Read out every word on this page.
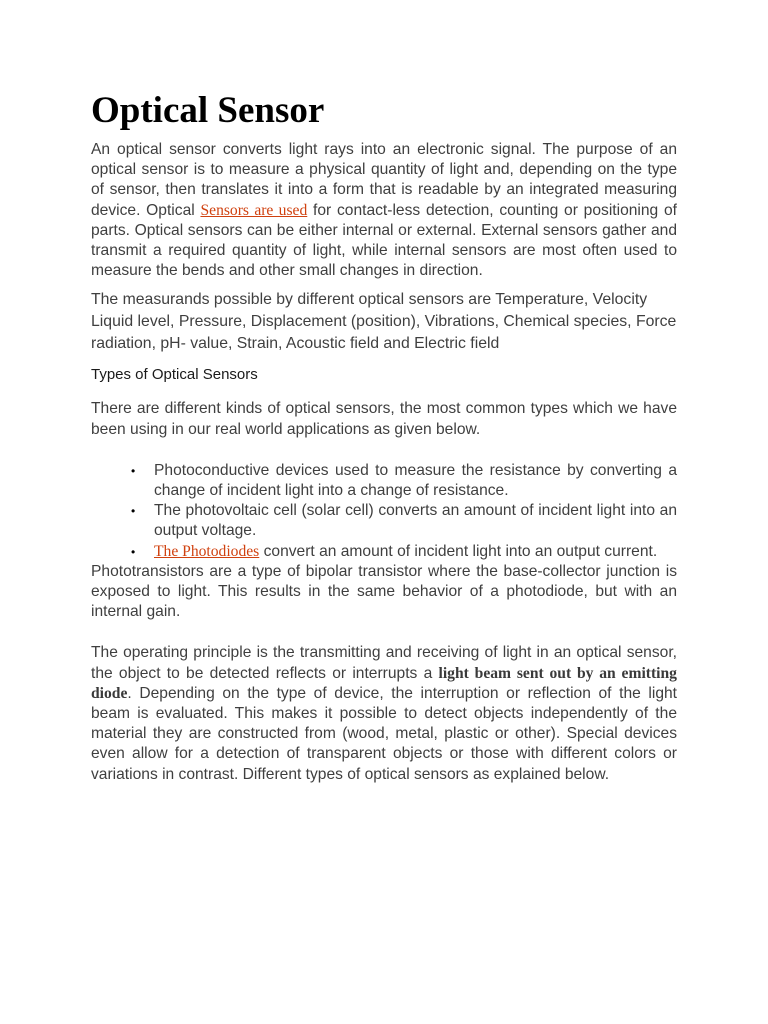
Optical Sensor

An optical sensor converts light rays into an electronic signal. The purpose of an optical sensor is to measure a physical quantity of light and, depending on the type of sensor, then translates it into a form that is readable by an integrated measuring device. Optical Sensors are used for contact-less detection, counting or positioning of parts. Optical sensors can be either internal or external. External sensors gather and transmit a required quantity of light, while internal sensors are most often used to measure the bends and other small changes in direction.

The measurands possible by different optical sensors are Temperature, Velocity Liquid level, Pressure, Displacement (position), Vibrations, Chemical species, Force radiation, pH- value, Strain, Acoustic field and Electric field

Types of Optical Sensors

There are different kinds of optical sensors, the most common types which we have been using in our real world applications as given below.

• Photoconductive devices used to measure the resistance by converting a change of incident light into a change of resistance.
• The photovoltaic cell (solar cell) converts an amount of incident light into an output voltage.
• The Photodiodes convert an amount of incident light into an output current.

Phototransistors are a type of bipolar transistor where the base-collector junction is exposed to light. This results in the same behavior of a photodiode, but with an internal gain.

The operating principle is the transmitting and receiving of light in an optical sensor, the object to be detected reflects or interrupts a light beam sent out by an emitting diode. Depending on the type of device, the interruption or reflection of the light beam is evaluated. This makes it possible to detect objects independently of the material they are constructed from (wood, metal, plastic or other). Special devices even allow for a detection of transparent objects or those with different colors or variations in contrast. Different types of optical sensors as explained below.
